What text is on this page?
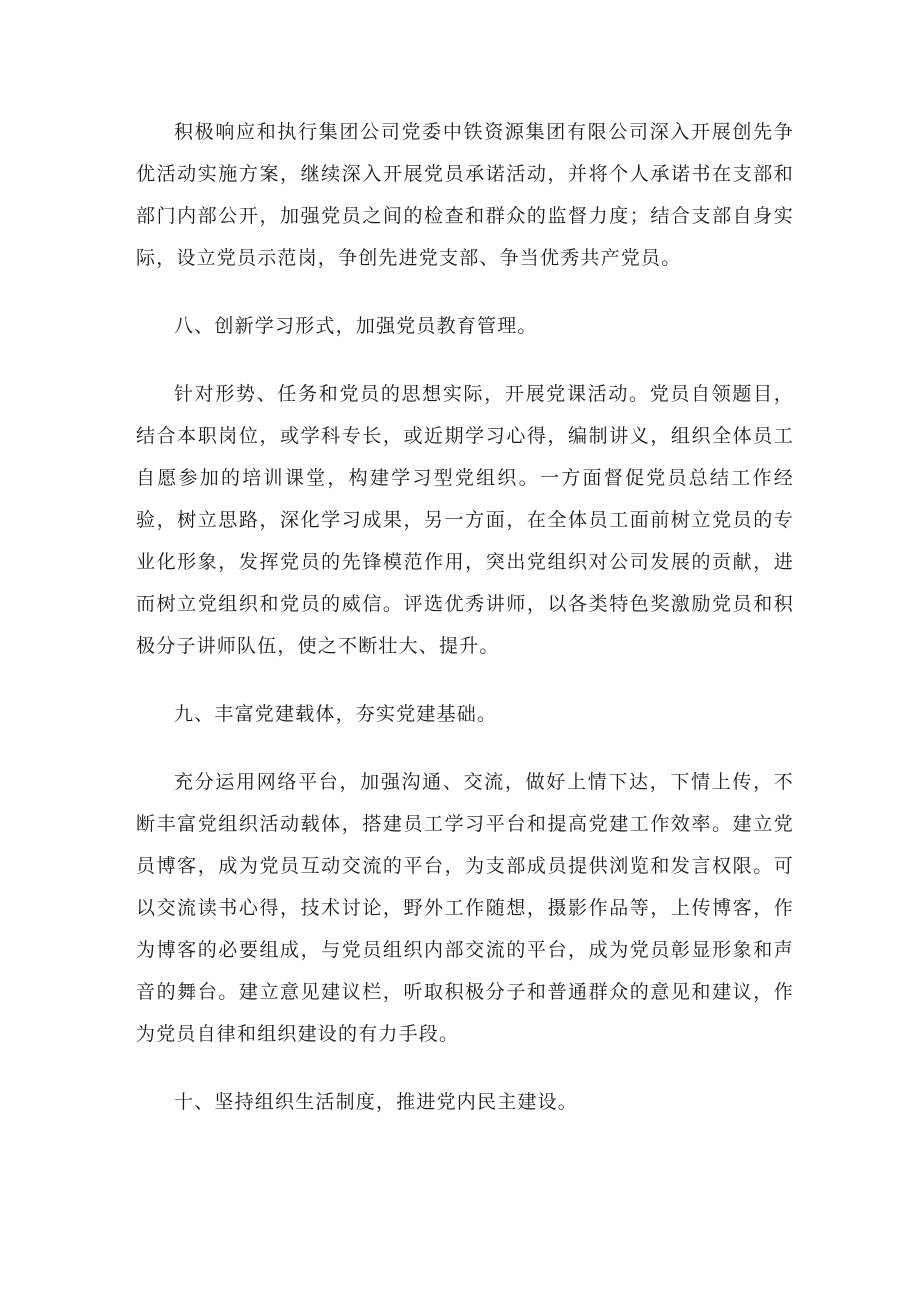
积极响应和执行集团公司党委中铁资源集团有限公司深入开展创先争优活动实施方案，继续深入开展党员承诺活动，并将个人承诺书在支部和部门内部公开，加强党员之间的检查和群众的监督力度；结合支部自身实际，设立党员示范岗，争创先进党支部、争当优秀共产党员。

八、创新学习形式，加强党员教育管理。

针对形势、任务和党员的思想实际，开展党课活动。党员自领题目，结合本职岗位，或学科专长，或近期学习心得，编制讲义，组织全体员工自愿参加的培训课堂，构建学习型党组织。一方面督促党员总结工作经验，树立思路，深化学习成果，另一方面，在全体员工面前树立党员的专业化形象，发挥党员的先锋模范作用，突出党组织对公司发展的贡献，进而树立党组织和党员的威信。评选优秀讲师，以各类特色奖激励党员和积极分子讲师队伍，使之不断壮大、提升。

九、丰富党建载体，夯实党建基础。

充分运用网络平台，加强沟通、交流，做好上情下达，下情上传，不断丰富党组织活动载体，搭建员工学习平台和提高党建工作效率。建立党员博客，成为党员互动交流的平台，为支部成员提供浏览和发言权限。可以交流读书心得，技术讨论，野外工作随想，摄影作品等，上传博客，作为博客的必要组成，与党员组织内部交流的平台，成为党员彰显形象和声音的舞台。建立意见建议栏，听取积极分子和普通群众的意见和建议，作为党员自律和组织建设的有力手段。

十、坚持组织生活制度，推进党内民主建设。
